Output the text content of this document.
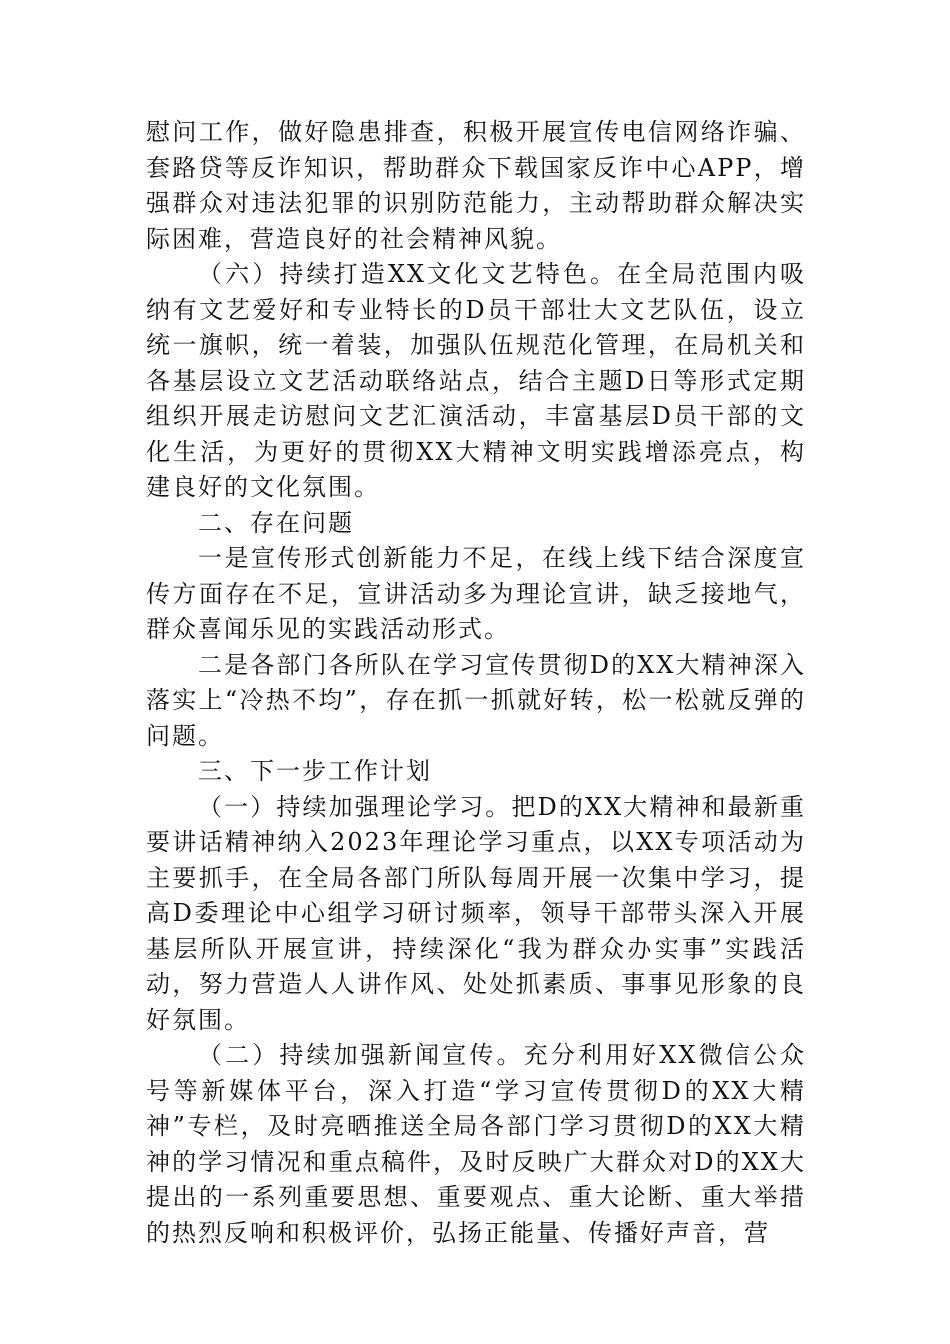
慰问工作，做好隐患排查，积极开展宣传电信网络诈骗、套路贷等反诈知识，帮助群众下载国家反诈中心APP，增强群众对违法犯罪的识别防范能力，主动帮助群众解决实际困难，营造良好的社会精神风貌。

（六）持续打造XX文化文艺特色。在全局范围内吸纳有文艺爱好和专业特长的D员干部壮大文艺队伍，设立统一旗帜，统一着装，加强队伍规范化管理，在局机关和各基层设立文艺活动联络站点，结合主题D日等形式定期组织开展走访慰问文艺汇演活动，丰富基层D员干部的文化生活，为更好的贯彻XX大精神文明实践增添亮点，构建良好的文化氛围。

二、存在问题

一是宣传形式创新能力不足，在线上线下结合深度宣传方面存在不足，宣讲活动多为理论宣讲，缺乏接地气，群众喜闻乐见的实践活动形式。

二是各部门各所队在学习宣传贯彻D的XX大精神深入落实上“冷热不均”，存在抓一抓就好转，松一松就反弹的问题。

三、下一步工作计划

（一）持续加强理论学习。把D的XX大精神和最新重要讲话精神纳入2023年理论学习重点，以XX专项活动为主要抓手，在全局各部门所队每周开展一次集中学习，提高D委理论中心组学习研讨频率，领导干部带头深入开展基层所队开展宣讲，持续深化“我为群众办实事”实践活动，努力营造人人讲作风、处处抓素质、事事见形象的良好氛围。

（二）持续加强新闻宣传。充分利用好XX微信公众号等新媒体平台，深入打造“学习宣传贯彻D的XX大精神”专栏，及时亮晒推送全局各部门学习贯彻D的XX大精神的学习情况和重点稿件，及时反映广大群众对D的XX大提出的一系列重要思想、重要观点、重大论断、重大举措的热烈反响和积极评价，弘扬正能量、传播好声音，营
